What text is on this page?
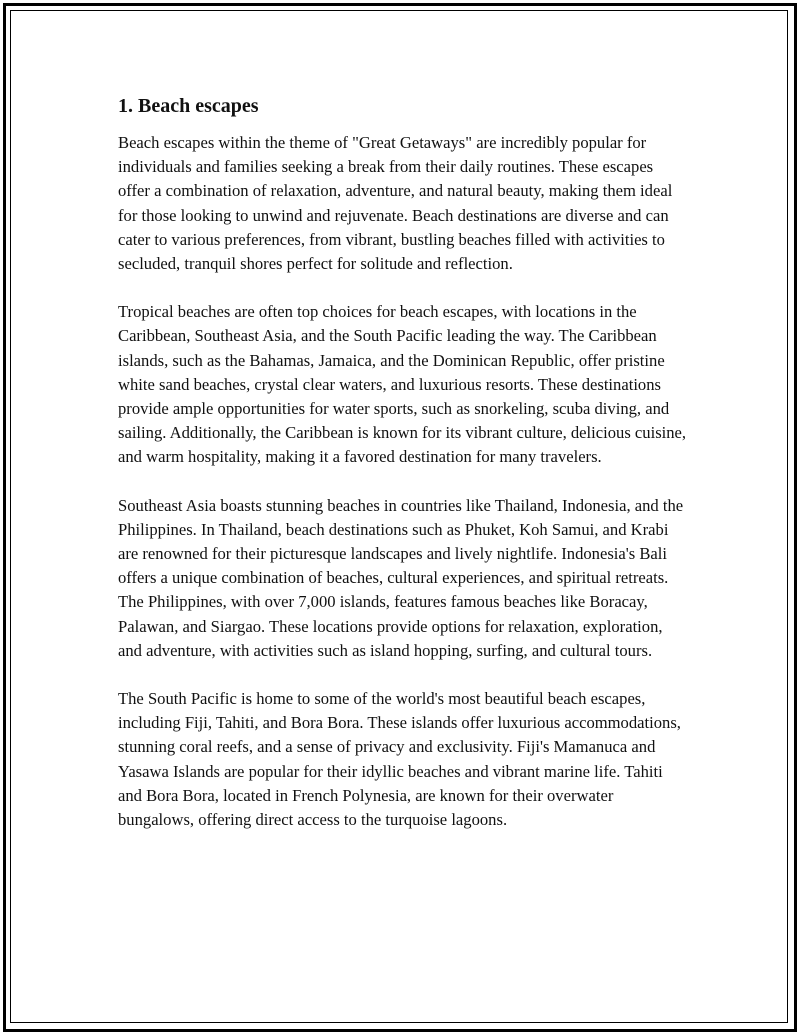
1. Beach escapes

Beach escapes within the theme of "Great Getaways" are incredibly popular for individuals and families seeking a break from their daily routines. These escapes offer a combination of relaxation, adventure, and natural beauty, making them ideal for those looking to unwind and rejuvenate. Beach destinations are diverse and can cater to various preferences, from vibrant, bustling beaches filled with activities to secluded, tranquil shores perfect for solitude and reflection.

Tropical beaches are often top choices for beach escapes, with locations in the Caribbean, Southeast Asia, and the South Pacific leading the way. The Caribbean islands, such as the Bahamas, Jamaica, and the Dominican Republic, offer pristine white sand beaches, crystal clear waters, and luxurious resorts. These destinations provide ample opportunities for water sports, such as snorkeling, scuba diving, and sailing. Additionally, the Caribbean is known for its vibrant culture, delicious cuisine, and warm hospitality, making it a favored destination for many travelers.

Southeast Asia boasts stunning beaches in countries like Thailand, Indonesia, and the Philippines. In Thailand, beach destinations such as Phuket, Koh Samui, and Krabi are renowned for their picturesque landscapes and lively nightlife. Indonesia's Bali offers a unique combination of beaches, cultural experiences, and spiritual retreats. The Philippines, with over 7,000 islands, features famous beaches like Boracay, Palawan, and Siargao. These locations provide options for relaxation, exploration, and adventure, with activities such as island hopping, surfing, and cultural tours.

The South Pacific is home to some of the world's most beautiful beach escapes, including Fiji, Tahiti, and Bora Bora. These islands offer luxurious accommodations, stunning coral reefs, and a sense of privacy and exclusivity. Fiji's Mamanuca and Yasawa Islands are popular for their idyllic beaches and vibrant marine life. Tahiti and Bora Bora, located in French Polynesia, are known for their overwater bungalows, offering direct access to the turquoise lagoons.
